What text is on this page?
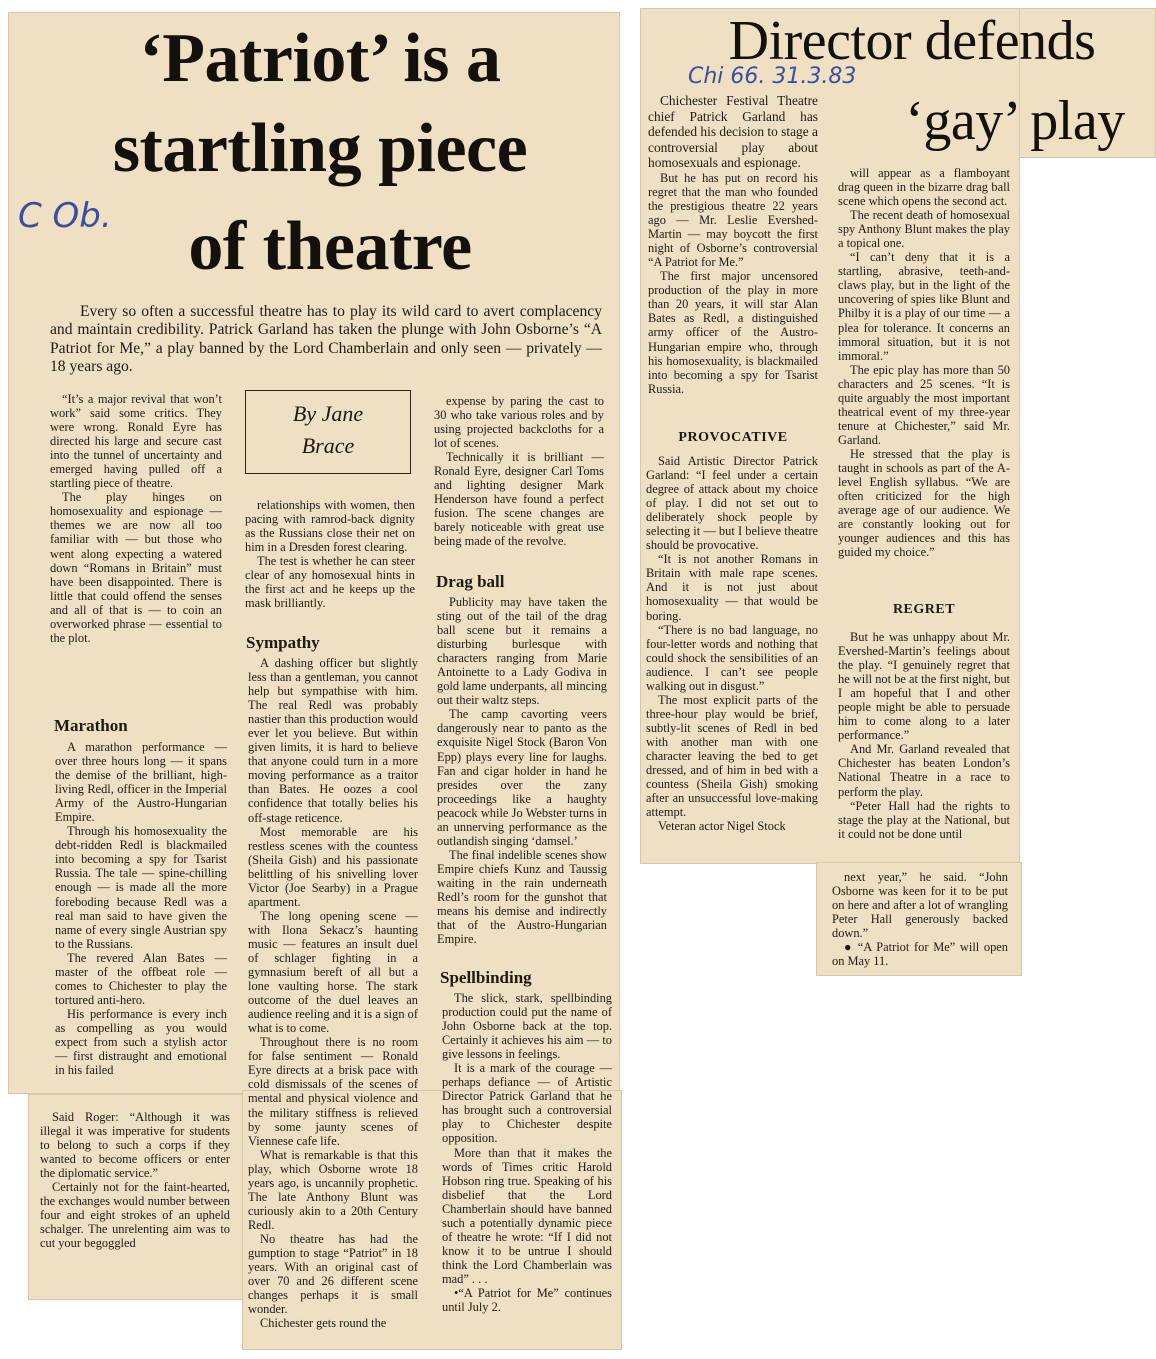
‘Patriot’ is a
startling piece
of theatre
C Ob.

Every so often a successful theatre has to play its wild card to avert complacency and maintain credibility. Patrick Garland has taken the plunge with John Osborne’s “A Patriot for Me,” a play banned by the Lord Chamberlain and only seen — privately — 18 years ago.

By Jane
Brace
“It’s a major revival that won’t work” said some critics. They were wrong. Ronald Eyre has directed his large and secure cast into the tunnel of uncertainty and emerged having pulled off a startling piece of theatre.
The play hinges on homosexuality and espionage — themes we are now all too familiar with — but those who went along expecting a watered down “Romans in Britain” must have been disappointed. There is little that could offend the senses and all of that is — to coin an overworked phrase — essential to the plot.
Marathon
A marathon performance — over three hours long — it spans the demise of the brilliant, high-living Redl, officer in the Imperial Army of the Austro-Hungarian Empire.
Through his homosexuality the debt-ridden Redl is blackmailed into becoming a spy for Tsarist Russia. The tale — spine-chilling enough — is made all the more foreboding because Redl was a real man said to have given the name of every single Austrian spy to the Russians.
The revered Alan Bates — master of the offbeat role — comes to Chichester to play the tortured anti-hero.
His performance is every inch as compelling as you would expect from such a stylish actor — first distraught and emotional in his failed
Said Roger: “Although it was illegal it was imperative for students to belong to such a corps if they wanted to become officers or enter the diplomatic service.”
Certainly not for the faint-hearted, the exchanges would number between four and eight strokes of an upheld schalger. The unrelenting aim was to cut your begoggled
relationships with women, then pacing with ramrod-back dignity as the Russians close their net on him in a Dresden forest clearing.
The test is whether he can steer clear of any homosexual hints in the first act and he keeps up the mask brilliantly.
Sympathy
A dashing officer but slightly less than a gentleman, you cannot help but sympathise with him. The real Redl was probably nastier than this production would ever let you believe. But within given limits, it is hard to believe that anyone could turn in a more moving performance as a traitor than Bates. He oozes a cool confidence that totally belies his off-stage reticence.
Most memorable are his restless scenes with the countess (Sheila Gish) and his passionate belittling of his snivelling lover Victor (Joe Searby) in a Prague apartment.
The long opening scene — with Ilona Sekacz’s haunting music — features an insult duel of schlager fighting in a gymnasium bereft of all but a lone vaulting horse. The stark outcome of the duel leaves an audience reeling and it is a sign of what is to come.
Throughout there is no room for false sentiment — Ronald Eyre directs at a brisk pace with cold dismissals of the scenes of mental and physical violence and the military stiffness is relieved by some jaunty scenes of Viennese cafe life.
What is remarkable is that this play, which Osborne wrote 18 years ago, is uncannily prophetic. The late Anthony Blunt was curiously akin to a 20th Century Redl.
No theatre has had the gumption to stage “Patriot” in 18 years. With an original cast of over 70 and 26 different scene changes perhaps it is small wonder.
Chichester gets round the
expense by paring the cast to 30 who take various roles and by using projected backcloths for a lot of scenes.
Technically it is brilliant — Ronald Eyre, designer Carl Toms and lighting designer Mark Henderson have found a perfect fusion. The scene changes are barely noticeable with great use being made of the revolve.
Drag ball
Publicity may have taken the sting out of the tail of the drag ball scene but it remains a disturbing burlesque with characters ranging from Marie Antoinette to a Lady Godiva in gold lame underpants, all mincing out their waltz steps.
The camp cavorting veers dangerously near to panto as the exquisite Nigel Stock (Baron Von Epp) plays every line for laughs. Fan and cigar holder in hand he presides over the zany proceedings like a haughty peacock while Jo Webster turns in an unnerving performance as the outlandish singing ‘damsel.’
The final indelible scenes show Empire chiefs Kunz and Taussig waiting in the rain underneath Redl’s room for the gunshot that means his demise and indirectly that of the Austro-Hungarian Empire.
Spellbinding
The slick, stark, spellbinding production could put the name of John Osborne back at the top. Certainly it achieves his aim — to give lessons in feelings.
It is a mark of the courage — perhaps defiance — of Artistic Director Patrick Garland that he has brought such a controversial play to Chichester despite opposition.
More than that it makes the words of Times critic Harold Hobson ring true. Speaking of his disbelief that the Lord Chamberlain should have banned such a potentially dynamic piece of theatre he wrote: “If I did not know it to be untrue I should think the Lord Chamberlain was mad” . . .
•“A Patriot for Me” continues until July 2.
Director defends
‘gay’ play
Chi 66. 31.3.83
Chichester Festival Theatre chief Patrick Garland has defended his decision to stage a controversial play about homosexuals and espionage.
But he has put on record his regret that the man who founded the prestigious theatre 22 years ago — Mr. Leslie Evershed-Martin — may boycott the first night of Osborne’s controversial “A Patriot for Me.”
The first major uncensored production of the play in more than 20 years, it will star Alan Bates as Redl, a distinguished army officer of the Austro-Hungarian empire who, through his homosexuality, is blackmailed into becoming a spy for Tsarist Russia.
PROVOCATIVE
Said Artistic Director Patrick Garland: “I feel under a certain degree of attack about my choice of play. I did not set out to deliberately shock people by selecting it — but I believe theatre should be provocative.
“It is not another Romans in Britain with male rape scenes. And it is not just about homosexuality — that would be boring.
“There is no bad language, no four-letter words and nothing that could shock the sensibilities of an audience. I can’t see people walking out in disgust.”
The most explicit parts of the three-hour play would be brief, subtly-lit scenes of Redl in bed with another man with one character leaving the bed to get dressed, and of him in bed with a countess (Sheila Gish) smoking after an unsuccessful love-making attempt.
Veteran actor Nigel Stock
will appear as a flamboyant drag queen in the bizarre drag ball scene which opens the second act.
The recent death of homosexual spy Anthony Blunt makes the play a topical one.
“I can’t deny that it is a startling, abrasive, teeth-and-claws play, but in the light of the uncovering of spies like Blunt and Philby it is a play of our time — a plea for tolerance. It concerns an immoral situation, but it is not immoral.”
The epic play has more than 50 characters and 25 scenes. “It is quite arguably the most important theatrical event of my three-year tenure at Chichester,” said Mr. Garland.
He stressed that the play is taught in schools as part of the A-level English syllabus. “We are often criticized for the high average age of our audience. We are constantly looking out for younger audiences and this has guided my choice.”
REGRET
But he was unhappy about Mr. Evershed-Martin’s feelings about the play. “I genuinely regret that he will not be at the first night, but I am hopeful that I and other people might be able to persuade him to come along to a later performance.”
And Mr. Garland revealed that Chichester has beaten London’s National Theatre in a race to perform the play.
“Peter Hall had the rights to stage the play at the National, but it could not be done until
next year,” he said. “John Osborne was keen for it to be put on here and after a lot of wrangling Peter Hall generously backed down.”
● “A Patriot for Me” will open on May 11.
